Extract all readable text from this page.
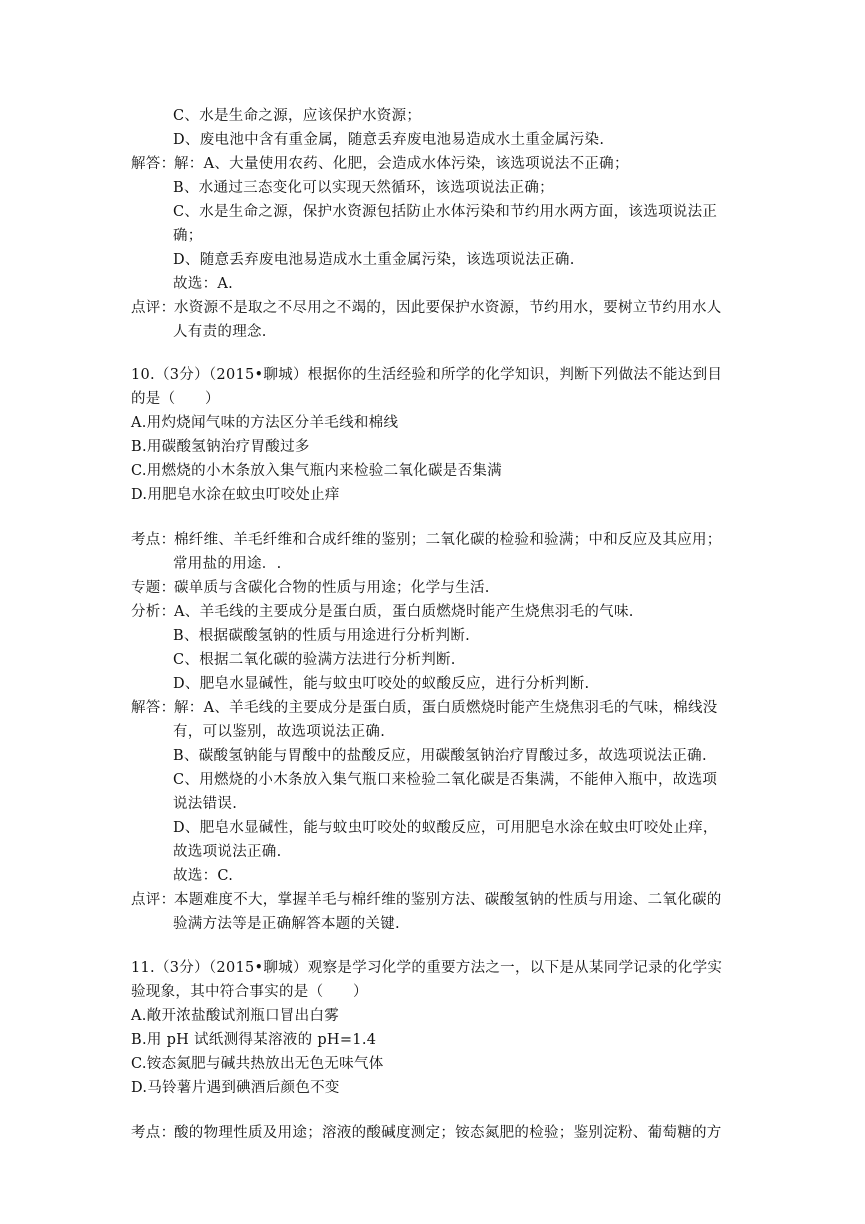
C、水是生命之源，应该保护水资源；
D、废电池中含有重金属，随意丢弃废电池易造成水土重金属污染.
解答：
解：A、大量使用农药、化肥，会造成水体污染，该选项说法不正确；
B、水通过三态变化可以实现天然循环，该选项说法正确；
C、水是生命之源，保护水资源包括防止水体污染和节约用水两方面，该选项说法正
确；
D、随意丢弃废电池易造成水土重金属污染，该选项说法正确.
故选：A.
点评：
水资源不是取之不尽用之不竭的，因此要保护水资源，节约用水，要树立节约用水人
人有责的理念.
10.（3分）（2015•聊城）根据你的生活经验和所学的化学知识，判断下列做法不能达到目
的是（　　）
A.用灼烧闻气味的方法区分羊毛线和棉线
B.用碳酸氢钠治疗胃酸过多
C.用燃烧的小木条放入集气瓶内来检验二氧化碳是否集满
D.用肥皂水涂在蚊虫叮咬处止痒
考点：
棉纤维、羊毛纤维和合成纤维的鉴别；二氧化碳的检验和验满；中和反应及其应用；
常用盐的用途．.
专题：
碳单质与含碳化合物的性质与用途；化学与生活.
分析：
A、羊毛线的主要成分是蛋白质，蛋白质燃烧时能产生烧焦羽毛的气味.
B、根据碳酸氢钠的性质与用途进行分析判断.
C、根据二氧化碳的验满方法进行分析判断.
D、肥皂水显碱性，能与蚊虫叮咬处的蚁酸反应，进行分析判断.
解答：
解：A、羊毛线的主要成分是蛋白质，蛋白质燃烧时能产生烧焦羽毛的气味，棉线没
有，可以鉴别，故选项说法正确.
B、碳酸氢钠能与胃酸中的盐酸反应，用碳酸氢钠治疗胃酸过多，故选项说法正确.
C、用燃烧的小木条放入集气瓶口来检验二氧化碳是否集满，不能伸入瓶中，故选项
说法错误.
D、肥皂水显碱性，能与蚊虫叮咬处的蚁酸反应，可用肥皂水涂在蚊虫叮咬处止痒，
故选项说法正确.
故选：C.
点评：
本题难度不大，掌握羊毛与棉纤维的鉴别方法、碳酸氢钠的性质与用途、二氧化碳的
验满方法等是正确解答本题的关键.
11.（3分）（2015•聊城）观察是学习化学的重要方法之一，以下是从某同学记录的化学实
验现象，其中符合事实的是（　　）
A.敞开浓盐酸试剂瓶口冒出白雾
B.用 pH 试纸测得某溶液的 pH=1.4
C.铵态氮肥与碱共热放出无色无味气体
D.马铃薯片遇到碘酒后颜色不变
考点：
酸的物理性质及用途；溶液的酸碱度测定；铵态氮肥的检验；鉴别淀粉、葡萄糖的方
